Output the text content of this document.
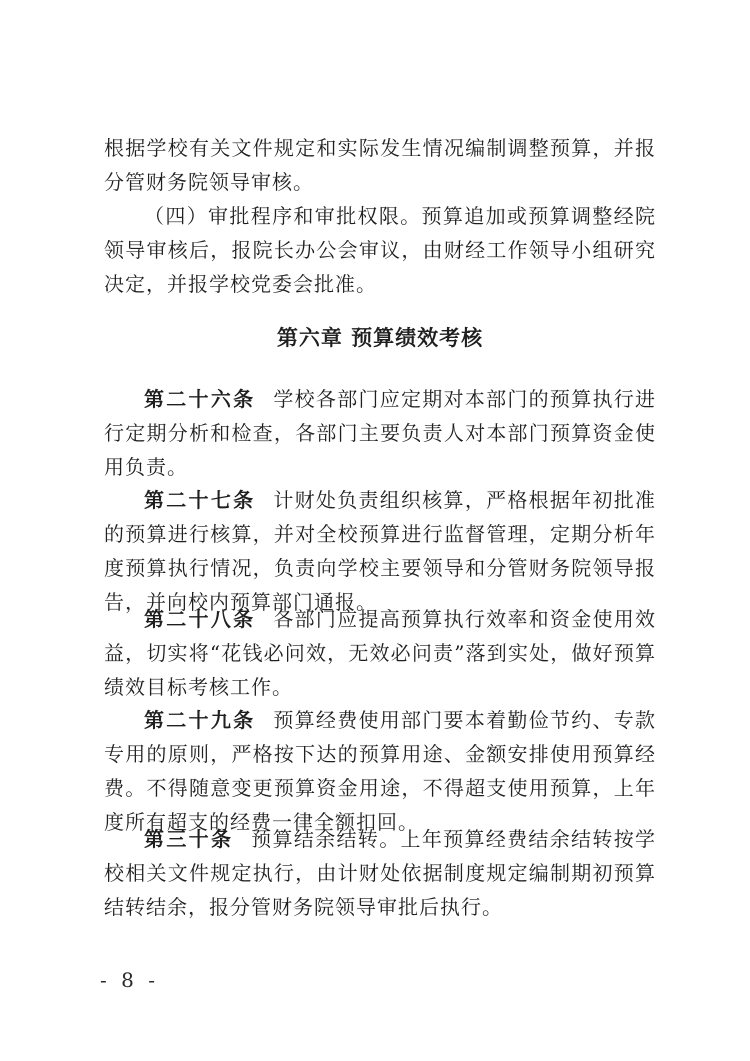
根据学校有关文件规定和实际发生情况编制调整预算，并报分管财务院领导审核。

（四）审批程序和审批权限。预算追加或预算调整经院领导审核后，报院长办公会审议，由财经工作领导小组研究决定，并报学校党委会批准。

第六章 预算绩效考核

第二十六条 学校各部门应定期对本部门的预算执行进行定期分析和检查，各部门主要负责人对本部门预算资金使用负责。

第二十七条 计财处负责组织核算，严格根据年初批准的预算进行核算，并对全校预算进行监督管理，定期分析年度预算执行情况，负责向学校主要领导和分管财务院领导报告，并向校内预算部门通报。

第二十八条 各部门应提高预算执行效率和资金使用效益，切实将“花钱必问效，无效必问责”落到实处，做好预算绩效目标考核工作。

第二十九条 预算经费使用部门要本着勤俭节约、专款专用的原则，严格按下达的预算用途、金额安排使用预算经费。不得随意变更预算资金用途，不得超支使用预算，上年度所有超支的经费一律全额扣回。

第三十条 预算结余结转。上年预算经费结余结转按学校相关文件规定执行，由计财处依据制度规定编制期初预算结转结余，报分管财务院领导审批后执行。

- 8 -
